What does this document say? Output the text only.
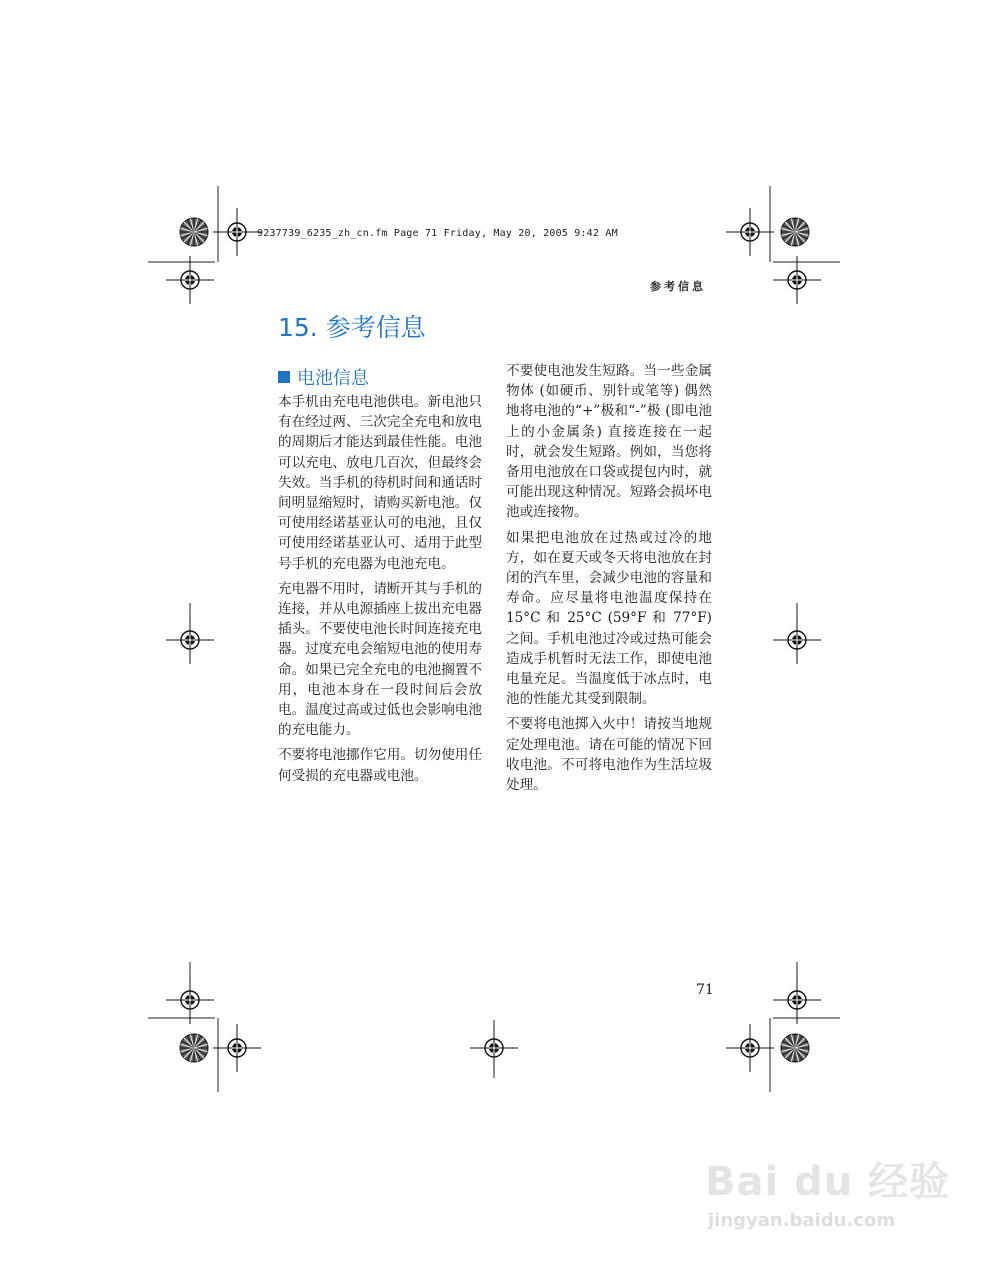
9237739_6235_zh_cn.fm Page 71 Friday, May 20, 2005 9:42 AM
参考信息
15. 参考信息
电池信息

本手机由充电电池供电。新电池只有在经过两、三次完全充电和放电的周期后才能达到最佳性能。电池可以充电、放电几百次，但最终会失效。当手机的待机时间和通话时间明显缩短时，请购买新电池。仅可使用经诺基亚认可的电池，且仅可使用经诺基亚认可、适用于此型号手机的充电器为电池充电。

充电器不用时，请断开其与手机的连接，并从电源插座上拔出充电器插头。不要使电池长时间连接充电器。过度充电会缩短电池的使用寿命。如果已完全充电的电池搁置不用，电池本身在一段时间后会放电。温度过高或过低也会影响电池的充电能力。

不要将电池挪作它用。切勿使用任何受损的充电器或电池。

不要使电池发生短路。当一些金属物体 (如硬币、别针或笔等) 偶然地将电池的“+”极和“-”极 (即电池上的小金属条) 直接连接在一起时，就会发生短路。例如，当您将备用电池放在口袋或提包内时，就可能出现这种情况。短路会损坏电池或连接物。

如果把电池放在过热或过冷的地方，如在夏天或冬天将电池放在封闭的汽车里，会减少电池的容量和寿命。应尽量将电池温度保持在 15°C 和 25°C (59°F 和 77°F) 之间。手机电池过冷或过热可能会造成手机暂时无法工作，即使电池电量充足。当温度低于冰点时，电池的性能尤其受到限制。

不要将电池掷入火中！请按当地规定处理电池。请在可能的情况下回收电池。不可将电池作为生活垃圾处理。

71
Bai du 经验
jingyan.baidu.com
